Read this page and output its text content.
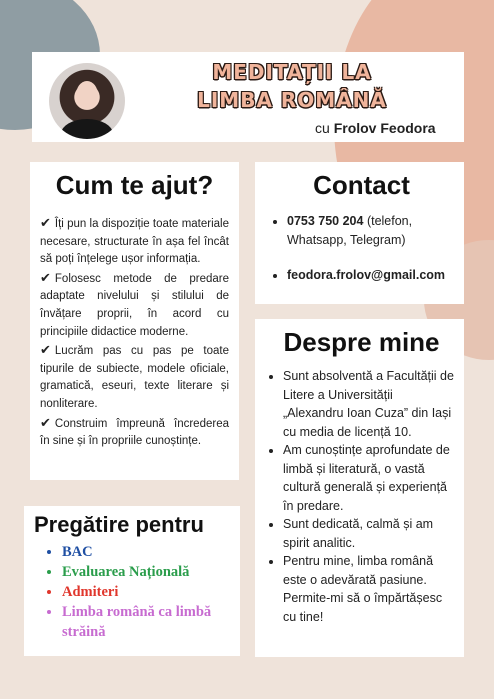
MEDITAȚII LA
LIMBA ROMÂNĂ
cu Frolov Feodora
Cum te ajut?

✔ Îți pun la dispoziție toate materiale necesare, structurate în așa fel încât să poți înțelege ușor informația.

✔ Folosesc metode de predare adaptate nivelului și stilului de învățare proprii, în acord cu principiile didactice moderne.

✔ Lucrăm pas cu pas pe toate tipurile de subiecte, modele oficiale, gramatică, eseuri, texte literare și nonliterare.

✔ Construim împreună încrederea în sine și în propriile cunoștințe.

Contact
• 0753 750 204 (telefon, Whatsapp, Telegram)
• feodora.frolov@gmail.com
Despre mine
• Sunt absolventă a Facultății de Litere a Universității „Alexandru Ioan Cuza” din Iași cu media de licență 10.
• Am cunoștințe aprofundate de limbă și literatură, o vastă cultură generală și experiență în predare.
• Sunt dedicată, calmă și am spirit analitic.
• Pentru mine, limba română este o adevărată pasiune. Permite-mi să o împărtășesc cu tine!
Pregătire pentru
• BAC
• Evaluarea Națională
• Admiteri
• Limba română ca limbă străină
